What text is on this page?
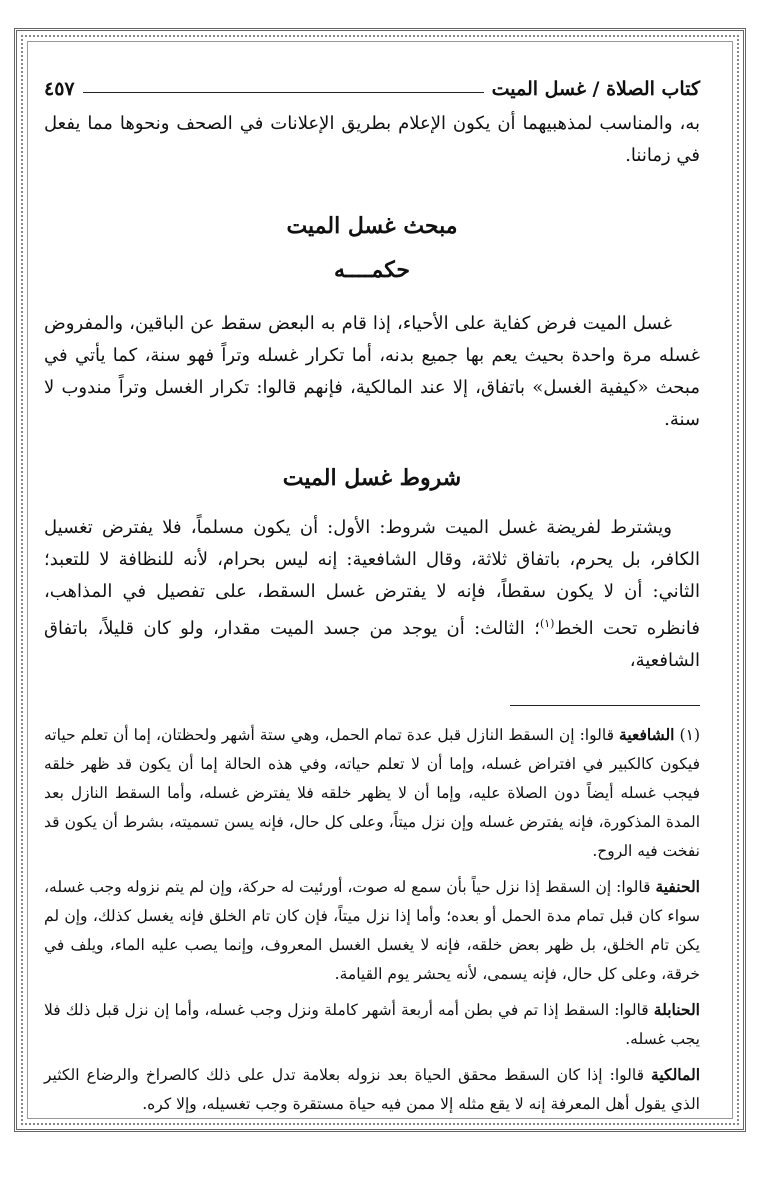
كتاب الصلاة / غسل الميت
٤٥٧

به، والمناسب لمذهبيهما أن يكون الإعلام بطريق الإعلانات في الصحف ونحوها مما يفعل في زماننا.

مبحث غسل الميت
حكمــــه

غسل الميت فرض كفاية على الأحياء، إذا قام به البعض سقط عن الباقين، والمفروض غسله مرة واحدة بحيث يعم بها جميع بدنه، أما تكرار غسله وتراً فهو سنة، كما يأتي في مبحث «كيفية الغسل» باتفاق، إلا عند المالكية، فإنهم قالوا: تكرار الغسل وتراً مندوب لا سنة.

شروط غسل الميت

ويشترط لفريضة غسل الميت شروط: الأول: أن يكون مسلماً، فلا يفترض تغسيل الكافر، بل يحرم، باتفاق ثلاثة، وقال الشافعية: إنه ليس بحرام، لأنه للنظافة لا للتعبد؛ الثاني: أن لا يكون سقطاً، فإنه لا يفترض غسل السقط، على تفصيل في المذاهب، فانظره تحت الخط$^{(١)}$؛ الثالث: أن يوجد من جسد الميت مقدار، ولو كان قليلاً، باتفاق الشافعية،

(١) الشافعية قالوا: إن السقط النازل قبل عدة تمام الحمل، وهي ستة أشهر ولحظتان، إما أن تعلم حياته فيكون كالكبير في افتراض غسله، وإما أن لا تعلم حياته، وفي هذه الحالة إما أن يكون قد ظهر خلقه فيجب غسله أيضاً دون الصلاة عليه، وإما أن لا يظهر خلقه فلا يفترض غسله، وأما السقط النازل بعد المدة المذكورة، فإنه يفترض غسله وإن نزل ميتاً، وعلى كل حال، فإنه يسن تسميته، بشرط أن يكون قد نفخت فيه الروح.

الحنفية قالوا: إن السقط إذا نزل حياً بأن سمع له صوت، أورئيت له حركة، وإن لم يتم نزوله وجب غسله، سواء كان قبل تمام مدة الحمل أو بعده؛ وأما إذا نزل ميتاً، فإن كان تام الخلق فإنه يغسل كذلك، وإن لم يكن تام الخلق، بل ظهر بعض خلقه، فإنه لا يغسل الغسل المعروف، وإنما يصب عليه الماء، ويلف في خرقة، وعلى كل حال، فإنه يسمى، لأنه يحشر يوم القيامة.

الحنابلة قالوا: السقط إذا تم في بطن أمه أربعة أشهر كاملة ونزل وجب غسله، وأما إن نزل قبل ذلك فلا يجب غسله.

المالكية قالوا: إذا كان السقط محقق الحياة بعد نزوله بعلامة تدل على ذلك كالصراخ والرضاع الكثير الذي يقول أهل المعرفة إنه لا يقع مثله إلا ممن فيه حياة مستقرة وجب تغسيله، وإلا كره.
